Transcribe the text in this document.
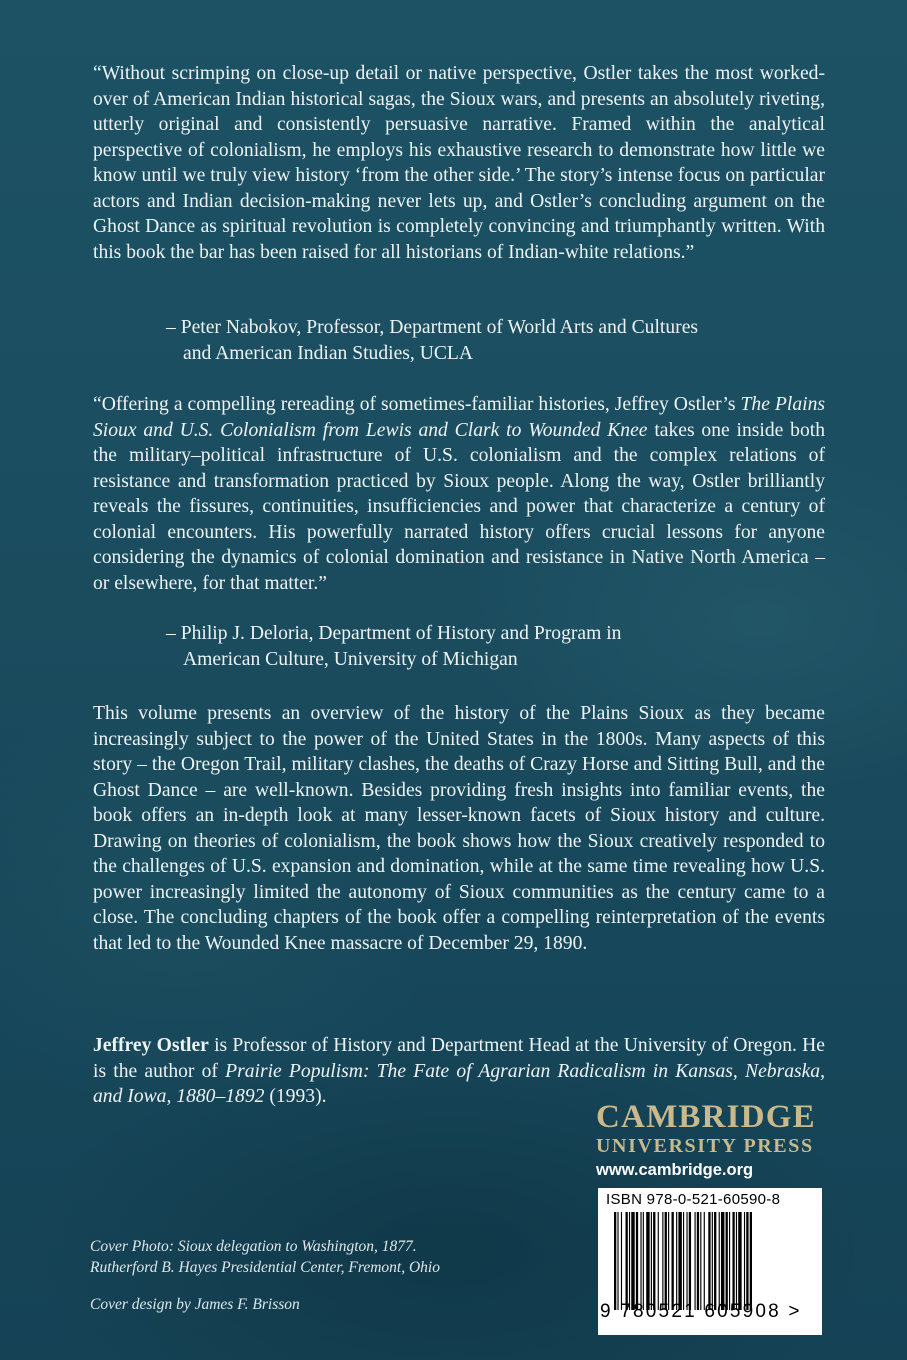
“Without scrimping on close-up detail or native perspective, Ostler takes the most worked-over of American Indian historical sagas, the Sioux wars, and presents an absolutely riveting, utterly original and consistently persuasive narrative. Framed within the analytical perspective of colonialism, he employs his exhaustive research to demonstrate how little we know until we truly view history ‘from the other side.’ The story’s intense focus on particular actors and Indian decision-making never lets up, and Ostler’s concluding argument on the Ghost Dance as spiritual revolution is completely convincing and triumphantly written. With this book the bar has been raised for all historians of Indian-white relations.”

– Peter Nabokov, Professor, Department of World Arts and Cultures
and American Indian Studies, UCLA

“Offering a compelling rereading of sometimes-familiar histories, Jeffrey Ostler’s The Plains Sioux and U.S. Colonialism from Lewis and Clark to Wounded Knee takes one inside both the military–political infrastructure of U.S. colonialism and the complex relations of resistance and transformation practiced by Sioux people. Along the way, Ostler brilliantly reveals the fissures, continuities, insufficiencies and power that characterize a century of colonial encounters. His powerfully narrated history offers crucial lessons for anyone considering the dynamics of colonial domination and resistance in Native North America – or elsewhere, for that matter.”

– Philip J. Deloria, Department of History and Program in
American Culture, University of Michigan

This volume presents an overview of the history of the Plains Sioux as they became increasingly subject to the power of the United States in the 1800s. Many aspects of this story – the Oregon Trail, military clashes, the deaths of Crazy Horse and Sitting Bull, and the Ghost Dance – are well-known. Besides providing fresh insights into familiar events, the book offers an in-depth look at many lesser-known facets of Sioux history and culture. Drawing on theories of colonialism, the book shows how the Sioux creatively responded to the challenges of U.S. expansion and domination, while at the same time revealing how U.S. power increasingly limited the autonomy of Sioux communities as the century came to a close. The concluding chapters of the book offer a compelling reinterpretation of the events that led to the Wounded Knee massacre of December 29, 1890.

Jeffrey Ostler is Professor of History and Department Head at the University of Oregon. He is the author of Prairie Populism: The Fate of Agrarian Radicalism in Kansas, Nebraska, and Iowa, 1880–1892 (1993).

CAMBRIDGE
UNIVERSITY PRESS
www.cambridge.org
ISBN 978-0-521-60590-8
9 780521 605908 >
Cover Photo: Sioux delegation to Washington, 1877.
Rutherford B. Hayes Presidential Center, Fremont, Ohio
Cover design by James F. Brisson
